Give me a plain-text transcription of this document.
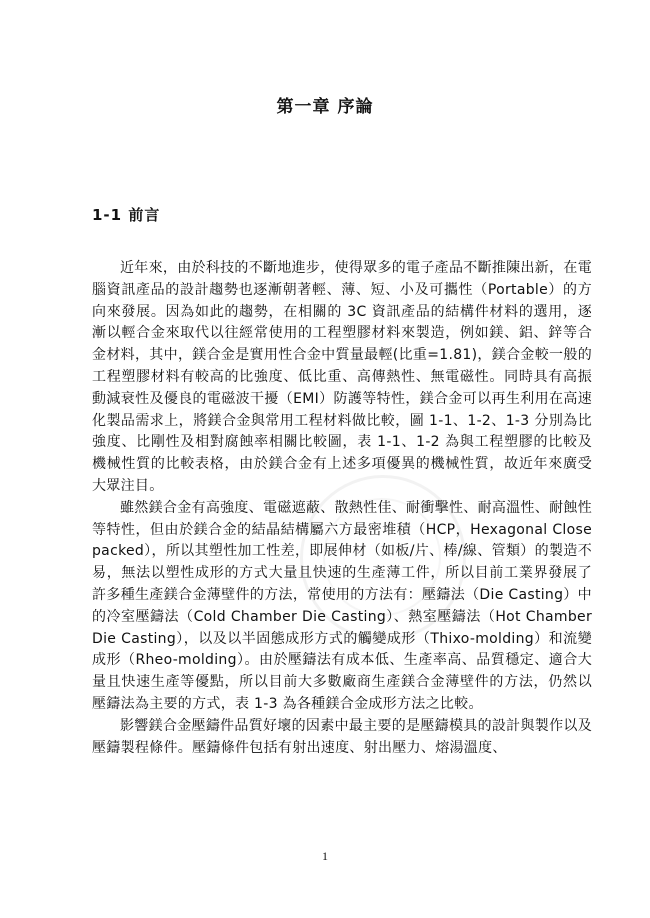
第一章 序論
1-1 前言

近年來，由於科技的不斷地進步，使得眾多的電子產品不斷推陳出新，在電腦資訊產品的設計趨勢也逐漸朝著輕、薄、短、小及可攜性（Portable）的方向來發展。因為如此的趨勢，在相關的 3C 資訊產品的結構件材料的選用，逐漸以輕合金來取代以往經常使用的工程塑膠材料來製造，例如鎂、鋁、鋅等合金材料，其中，鎂合金是實用性合金中質量最輕(比重=1.81)，鎂合金較一般的工程塑膠材料有較高的比強度、低比重、高傳熱性、無電磁性。同時具有高振動減衰性及優良的電磁波干擾（EMI）防護等特性，鎂合金可以再生利用在高速化製品需求上，將鎂合金與常用工程材料做比較，圖 1-1、1-2、1-3 分別為比強度、比剛性及相對腐蝕率相關比較圖，表 1-1、1-2 為與工程塑膠的比較及機械性質的比較表格，由於鎂合金有上述多項優異的機械性質，故近年來廣受大眾注目。

雖然鎂合金有高強度、電磁遮蔽、散熱性佳、耐衝擊性、耐高溫性、耐蝕性等特性，但由於鎂合金的結晶結構屬六方最密堆積（HCP，Hexagonal Close packed），所以其塑性加工性差，即展伸材（如板/片、棒/線、管類）的製造不易，無法以塑性成形的方式大量且快速的生產薄工件，所以目前工業界發展了許多種生產鎂合金薄壁件的方法，常使用的方法有：壓鑄法（Die Casting）中的冷室壓鑄法（Cold Chamber Die Casting）、熱室壓鑄法（Hot Chamber Die Casting），以及以半固態成形方式的觸變成形（Thixo-molding）和流變成形（Rheo-molding）。由於壓鑄法有成本低、生產率高、品質穩定、適合大量且快速生產等優點，所以目前大多數廠商生產鎂合金薄壁件的方法，仍然以壓鑄法為主要的方式，表 1-3 為各種鎂合金成形方法之比較。

影響鎂合金壓鑄件品質好壞的因素中最主要的是壓鑄模具的設計與製作以及壓鑄製程條件。壓鑄條件包括有射出速度、射出壓力、熔湯溫度、

1
